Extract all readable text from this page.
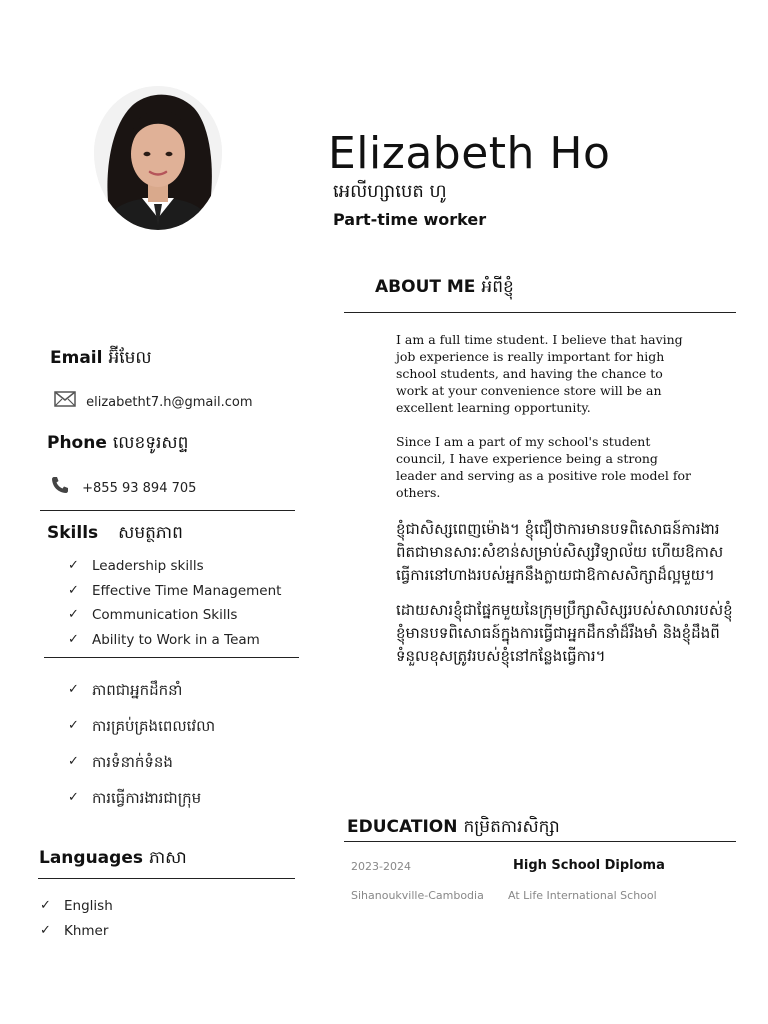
Elizabeth Ho
អេលីហ្សាបេត ហូ
Part-time worker
ABOUT ME អំពីខ្ញុំ

I am a full time student. I believe that having job experience is really important for high school students, and having the chance to work at your convenience store will be an excellent learning opportunity.

Since I am a part of my school's student council, I have experience being a strong leader and serving as a positive role model for others.

ខ្ញុំជាសិស្សពេញម៉ោង។ ខ្ញុំជឿថាការមានបទពិសោធន៍ការងារពិតជាមានសារៈសំខាន់សម្រាប់សិស្សវិទ្យាល័យ ហើយឱកាសធ្វើការនៅហាងរបស់អ្នកនឹងក្លាយជាឱកាសសិក្សាដ៏ល្អមួយ។

ដោយសារខ្ញុំជាផ្នែកមួយនៃក្រុមប្រឹក្សាសិស្សរបស់សាលារបស់ខ្ញុំ ខ្ញុំមានបទពិសោធន៍ក្នុងការធ្វើជាអ្នកដឹកនាំដ៏រឹងមាំ និងខ្ញុំដឹងពីទំនួលខុសត្រូវរបស់ខ្ញុំនៅកន្លែងធ្វើការ។

Email អ៊ីមែល
elizabetht7.h@gmail.com
Phone លេខទូរសព្ទ
+855 93 894 705
Skills សមត្ថភាព
✓ Leadership skills
✓ Effective Time Management
✓ Communication Skills
✓ Ability to Work in a Team
✓ ភាពជាអ្នកដឹកនាំ
✓ ការគ្រប់គ្រងពេលវេលា
✓ ការទំនាក់ទំនង
✓ ការធ្វើការងារជាក្រុម
Languages ភាសា
✓ English
✓ Khmer
EDUCATION កម្រិតការសិក្សា
2023-2024	High School Diploma
Sihanoukville-Cambodia At Life International School
